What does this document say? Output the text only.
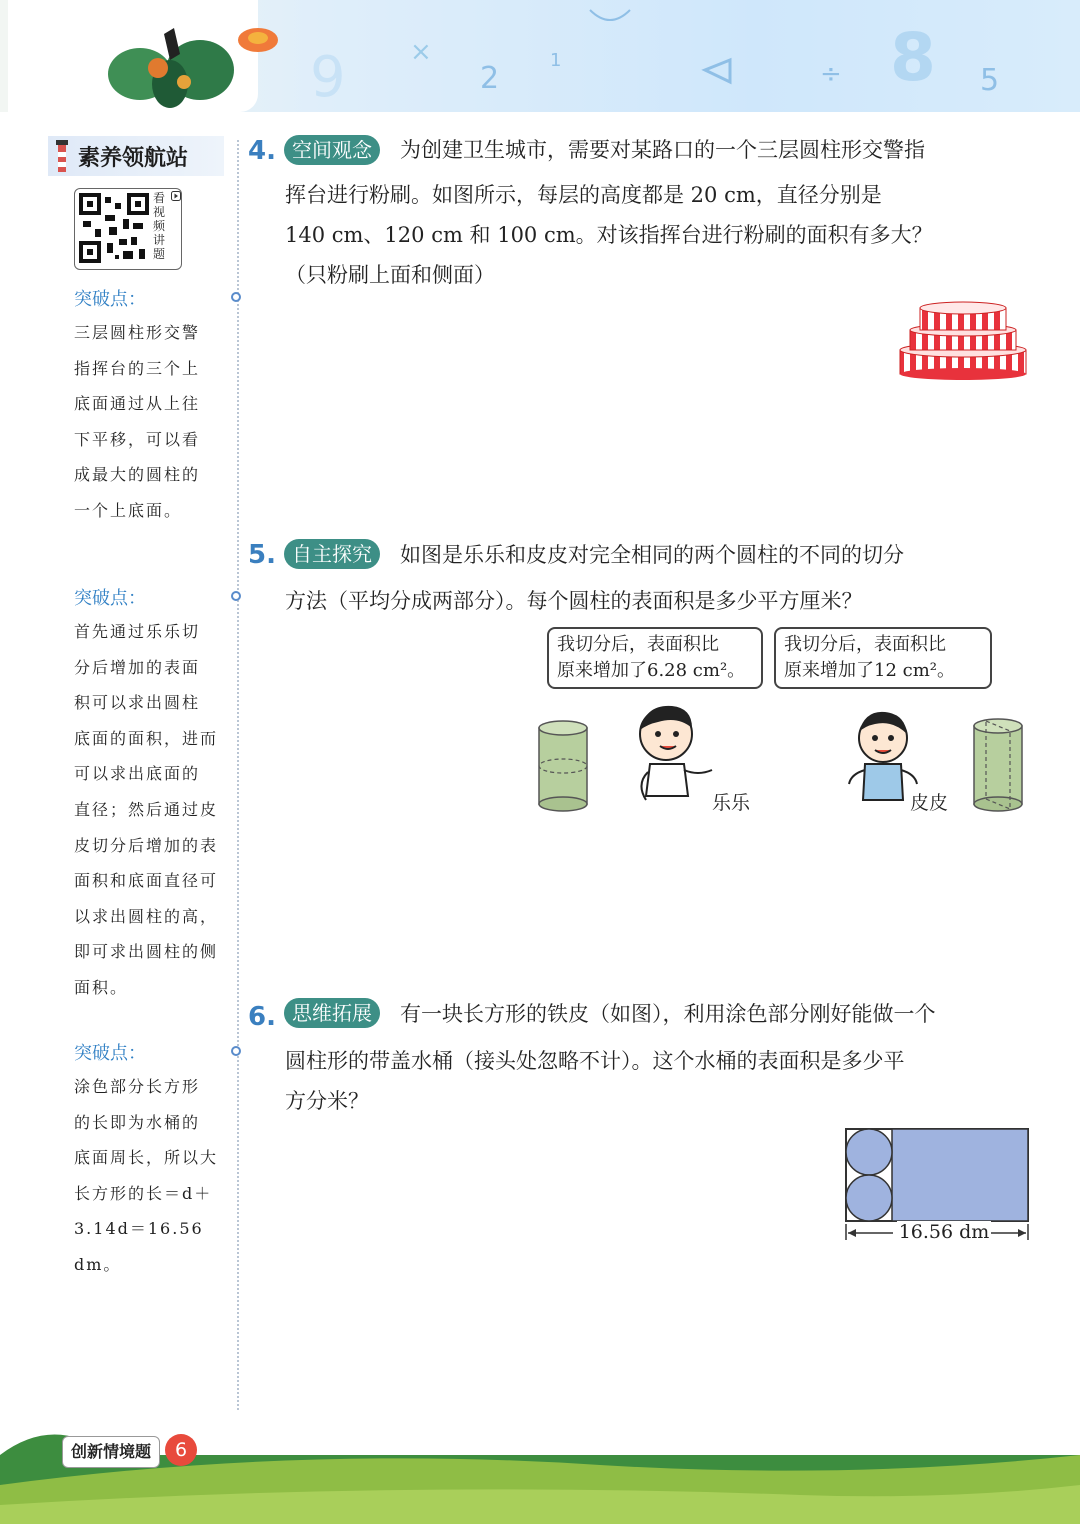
9 ×
2
1	÷ 8 5
素养领航站
看视频讲题
突破点：
三层圆柱形交警
指挥台的三个上
底面通过从上往
下平移，可以看
成最大的圆柱的
一个上底面。
突破点：
首先通过乐乐切
分后增加的表面
积可以求出圆柱
底面的面积，进而
可以求出底面的
直径；然后通过皮
皮切分后增加的表
面积和底面直径可
以求出圆柱的高，
即可求出圆柱的侧
面积。
突破点：
涂色部分长方形
的长即为水桶的
底面周长，所以大
长方形的长＝d＋
3.14d＝16.56 dm。
4. 空间观念	为创建卫生城市，需要对某路口的一个三层圆柱形交警指
挥台进行粉刷。如图所示，每层的高度都是 20 cm，直径分别是
140 cm、120 cm 和 100 cm。对该指挥台进行粉刷的面积有多大？
（只粉刷上面和侧面）
5. 自主探究	如图是乐乐和皮皮对完全相同的两个圆柱的不同的切分
方法（平均分成两部分）。每个圆柱的表面积是多少平方厘米？
我切分后，表面积比
原来增加了6.28 cm²。
我切分后，表面积比
原来增加了12 cm²。
乐乐	皮皮
6. 思维拓展	有一块长方形的铁皮（如图），利用涂色部分刚好能做一个
圆柱形的带盖水桶（接头处忽略不计）。这个水桶的表面积是多少平
方分米？
16.56 dm
创新情境题	6
